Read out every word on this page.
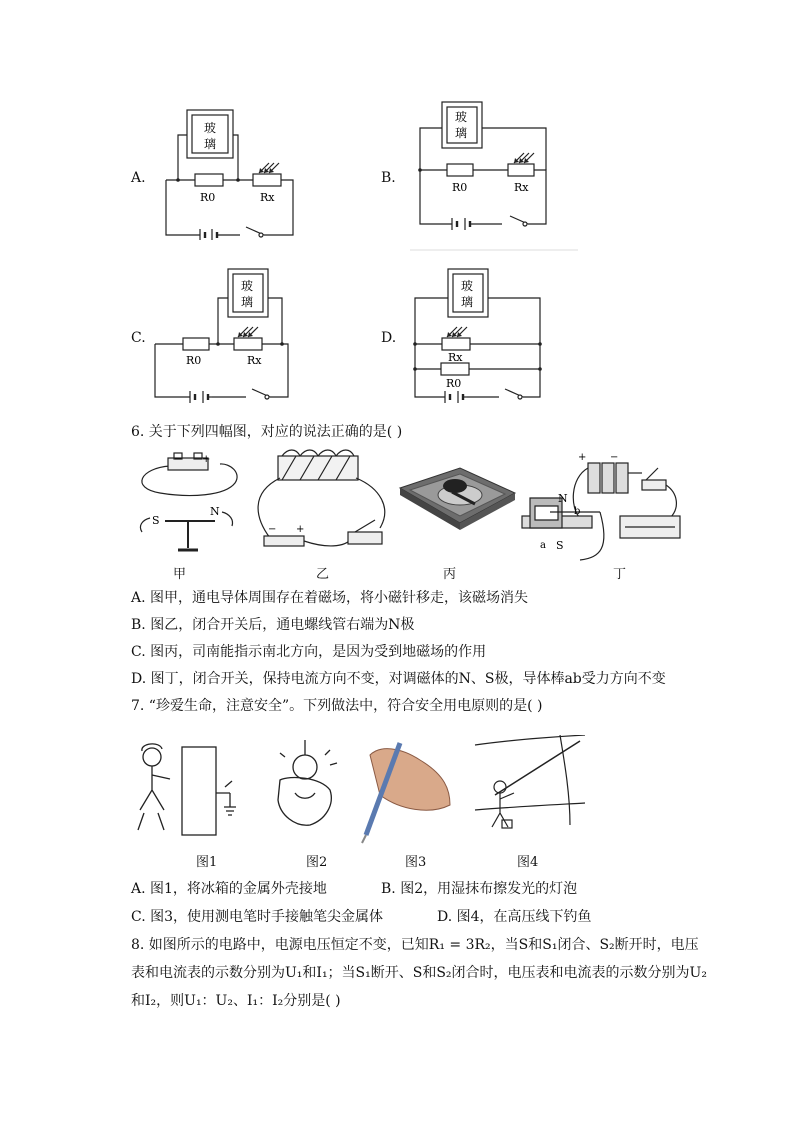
A.
玻
璃
R0	Rx
B.
玻
璃
R0	Rx
C.
玻
璃
R0	Rx
D.
玻
璃
Rx
R0
6. 关于下列四幅图，对应的说法正确的是( )
− +
S
N
− +
+ −
N
b
a S
甲	乙	丙	丁
A. 图甲，通电导体周围存在着磁场，将小磁针移走，该磁场消失
B. 图乙，闭合开关后，通电螺线管右端为N极
C. 图丙，司南能指示南北方向，是因为受到地磁场的作用
D. 图丁，闭合开关，保持电流方向不变，对调磁体的N、S极，导体棒ab受力方向不变
7. “珍爱生命，注意安全”。下列做法中，符合安全用电原则的是( )
图1	图2	图3	图4
A. 图1，将冰箱的金属外壳接地	B. 图2，用湿抹布擦发光的灯泡
C. 图3，使用测电笔时手接触笔尖金属体	D. 图4，在高压线下钓鱼
8. 如图所示的电路中，电源电压恒定不变，已知R₁ = 3R₂，当S和S₁闭合、S₂断开时，电压
表和电流表的示数分别为U₁和I₁；当S₁断开、S和S₂闭合时，电压表和电流表的示数分别为U₂
和I₂，则U₁：U₂、I₁：I₂分别是( )
